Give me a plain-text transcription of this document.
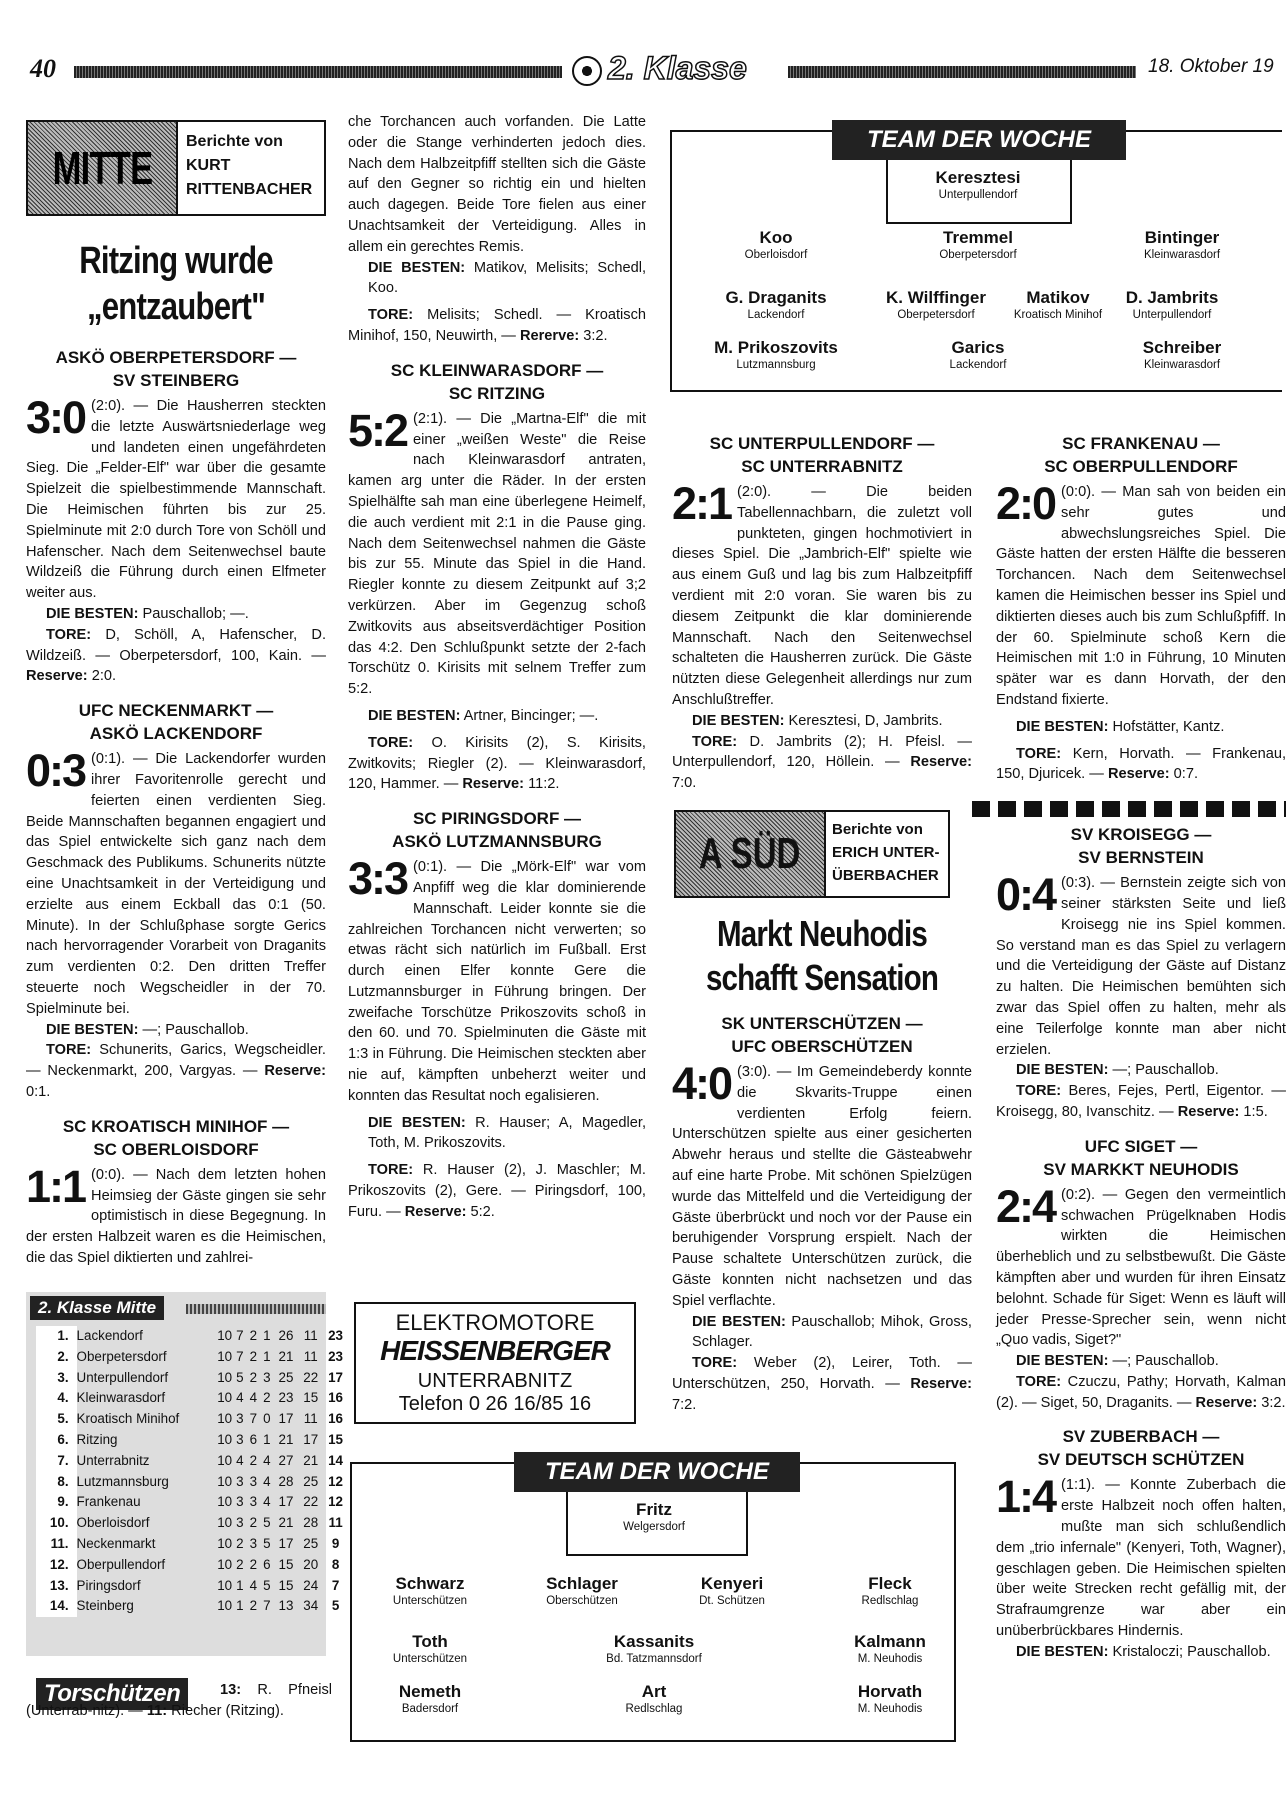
40	2. Klasse	18. Oktober 19
MITTE
Berichte von
KURT
RITTENBACHER
Ritzing wurde
„entzaubert"
ASKÖ OBERPETERSDORF —
SV STEINBERG

3:0 (2:0). — Die Hausherren steckten die letzte Auswärtsniederlage weg und landeten einen ungefährdeten Sieg. Die „Felder-Elf" war über die gesamte Spielzeit die spielbestimmende Mannschaft. Die Heimischen führten bis zur 25. Spielminute mit 2:0 durch Tore von Schöll und Hafenscher. Nach dem Seitenwechsel baute Wildzeiß die Führung durch einen Elfmeter weiter aus.

DIE BESTEN: Pauschallob; —.

TORE: D, Schöll, A, Hafenscher, D. Wildzeiß. — Oberpetersdorf, 100, Kain. — Reserve: 2:0.

UFC NECKENMARKT —
ASKÖ LACKENDORF

0:3 (0:1). — Die Lackendorfer wurden ihrer Favoritenrolle gerecht und feierten einen verdienten Sieg. Beide Mannschaften begannen engagiert und das Spiel entwickelte sich ganz nach dem Geschmack des Publikums. Schunerits nützte eine Unachtsamkeit in der Verteidigung und erzielte aus einem Eckball das 0:1 (50. Minute). In der Schlußphase sorgte Gerics nach hervorragender Vorarbeit von Draganits zum verdienten 0:2. Den dritten Treffer steuerte noch Wegscheidler in der 70. Spielminute bei.

DIE BESTEN: —; Pauschallob.

TORE: Schunerits, Garics, Wegscheidler. — Neckenmarkt, 200, Vargyas. — Reserve: 0:1.

SC KROATISCH MINIHOF —
SC OBERLOISDORF

1:1 (0:0). — Nach dem letzten hohen Heimsieg der Gäste gingen sie sehr optimistisch in diese Begegnung. In der ersten Halbzeit waren es die Heimischen, die das Spiel diktierten und zahlrei-

2. Klasse Mitte
1.	Lackendorf	10	7	2	1	26	11	23
2.	Oberpetersdorf	10	7	2	1	21	11	23
3.	Unterpullendorf	10	5	2	3	25	22	17
4.	Kleinwarasdorf	10	4	4	2	23	15	16
5.	Kroatisch Minihof	10	3	7	0	17	11	16
6.	Ritzing	10	3	6	1	21	17	15
7.	Unterrabnitz	10	4	2	4	27	21	14
8.	Lutzmannsburg	10	3	3	4	28	25	12
9.	Frankenau	10	3	3	4	17	22	12
10.	Oberloisdorf	10	3	2	5	21	28	11
11.	Neckenmarkt	10	2	3	5	17	25	9
12.	Oberpullendorf	10	2	2	6	15	20	8
13.	Piringsdorf	10	1	4	5	15	24	7
14.	Steinberg	10	1	2	7	13	34	5
Torschützen	13: R. Pfneisl (Unterrab-nitz). — 11: Riecher (Ritzing).

che Torchancen auch vorfanden. Die Latte oder die Stange verhinderten jedoch dies. Nach dem Halbzeitpfiff stellten sich die Gäste auf den Gegner so richtig ein und hielten auch dagegen. Beide Tore fielen aus einer Unachtsamkeit der Verteidigung. Alles in allem ein gerechtes Remis.

DIE BESTEN: Matikov, Melisits; Schedl, Koo.

TORE: Melisits; Schedl. — Kroatisch Minihof, 150, Neuwirth, — Rererve: 3:2.

SC KLEINWARASDORF —
SC RITZING

5:2 (2:1). — Die „Martna-Elf" die mit einer „weißen Weste" die Reise nach Kleinwarasdorf antraten, kamen arg unter die Räder. In der ersten Spielhälfte sah man eine überlegene Heimelf, die auch verdient mit 2:1 in die Pause ging. Nach dem Seitenwechsel nahmen die Gäste bis zur 55. Minute das Spiel in die Hand. Riegler konnte zu diesem Zeitpunkt auf 3;2 verkürzen. Aber im Gegenzug schoß Zwitkovits aus abseitsverdächtiger Position das 4:2. Den Schlußpunkt setzte der 2-fach Torschütz 0. Kirisits mit selnem Treffer zum 5:2.

DIE BESTEN: Artner, Bincinger; —.

TORE: O. Kirisits (2), S. Kirisits, Zwitkovits; Riegler (2). — Kleinwarasdorf, 120, Hammer. — Reserve: 11:2.

SC PIRINGSDORF —
ASKÖ LUTZMANNSBURG

3:3 (0:1). — Die „Mörk-Elf" war vom Anpfiff weg die klar dominierende Mannschaft. Leider konnte sie die zahlreichen Torchancen nicht verwerten; so etwas rächt sich natürlich im Fußball. Erst durch einen Elfer konnte Gere die Lutzmannsburger in Führung bringen. Der zweifache Torschütze Prikoszovits schoß in den 60. und 70. Spielminuten die Gäste mit 1:3 in Führung. Die Heimischen steckten aber nie auf, kämpften unbeherzt weiter und konnten das Resultat noch egalisieren.

DIE BESTEN: R. Hauser; A, Magedler, Toth, M. Prikoszovits.

TORE: R. Hauser (2), J. Maschler; M. Prikoszovits (2), Gere. — Piringsdorf, 100, Furu. — Reserve: 5:2.

ELEKTROMOTORE
HEISSENBERGER
UNTERRABNITZ
Telefon 0 26 16/85 16
TEAM DER WOCHE
Fritz
Welgersdorf
Schwarz
Unterschützen
Schlager
Oberschützen
Kenyeri
Dt. Schützen
Fleck
Redlschlag
Toth
Unterschützen
Kassanits
Bd. Tatzmannsdorf
Kalmann
M. Neuhodis
Nemeth
Badersdorf
Art
Redlschlag
Horvath
M. Neuhodis
TEAM DER WOCHE
Keresztesi
Unterpullendorf
Koo
Oberloisdorf
Tremmel
Oberpetersdorf
Bintinger
Kleinwarasdorf
G. Draganits
Lackendorf
K. Wilffinger
Oberpetersdorf
Matikov
Kroatisch Minihof
D. Jambrits
Unterpullendorf
M. Prikoszovits
Lutzmannsburg
Garics
Lackendorf
Schreiber
Kleinwarasdorf
SC UNTERPULLENDORF —
SC UNTERRABNITZ

2:1 (2:0). — Die beiden Tabellennachbarn, die zuletzt voll punkteten, gingen hochmotiviert in dieses Spiel. Die „Jambrich-Elf" spielte wie aus einem Guß und lag bis zum Halbzeitpfiff verdient mit 2:0 voran. Sie waren bis zu diesem Zeitpunkt die klar dominierende Mannschaft. Nach den Seitenwechsel schalteten die Hausherren zurück. Die Gäste nützten diese Gelegenheit allerdings nur zum Anschlußtreffer.

DIE BESTEN: Keresztesi, D, Jambrits.

TORE: D. Jambrits (2); H. Pfeisl. — Unterpullendorf, 120, Höllein. — Reserve: 7:0.

A SÜD Berichte von
ERICH UNTER-
ÜBERBACHER
Markt Neuhodis
schafft Sensation
SK UNTERSCHÜTZEN —
UFC OBERSCHÜTZEN

4:0 (3:0). — Im Gemeindeberdy konnte die Skvarits-Truppe einen verdienten Erfolg feiern. Unterschützen spielte aus einer gesicherten Abwehr heraus und stellte die Gästeabwehr auf eine harte Probe. Mit schönen Spielzügen wurde das Mittelfeld und die Verteidigung der Gäste überbrückt und noch vor der Pause ein beruhigender Vorsprung erspielt. Nach der Pause schaltete Unterschützen zurück, die Gäste konnten nicht nachsetzen und das Spiel verflachte.

DIE BESTEN: Pauschallob; Mihok, Gross, Schlager.

TORE: Weber (2), Leirer, Toth. — Unterschützen, 250, Horvath. — Reserve: 7:2.

SC FRANKENAU —
SC OBERPULLENDORF

2:0 (0:0). — Man sah von beiden ein sehr gutes und abwechslungsreiches Spiel. Die Gäste hatten der ersten Hälfte die besseren Torchancen. Nach dem Seitenwechsel kamen die Heimischen besser ins Spiel und diktierten dieses auch bis zum Schlußpfiff. In der 60. Spielminute schoß Kern die Heimischen mit 1:0 in Führung, 10 Minuten später war es dann Horvath, der den Endstand fixierte.

DIE BESTEN: Hofstätter, Kantz.

TORE: Kern, Horvath. — Frankenau, 150, Djuricek. — Reserve: 0:7.

SV KROISEGG —
SV BERNSTEIN

0:4 (0:3). — Bernstein zeigte sich von seiner stärksten Seite und ließ Kroisegg nie ins Spiel kommen. So verstand man es das Spiel zu verlagern und die Verteidigung der Gäste auf Distanz zu halten. Die Heimischen bemühten sich zwar das Spiel offen zu halten, mehr als eine Teilerfolge konnte man aber nicht erzielen.

DIE BESTEN: —; Pauschallob.

TORE: Beres, Fejes, Pertl, Eigentor. — Kroisegg, 80, Ivanschitz. — Reserve: 1:5.

UFC SIGET —
SV MARKKT NEUHODIS

2:4 (0:2). — Gegen den vermeintlich schwachen Prügelknaben Hodis wirkten die Heimischen überheblich und zu selbstbewußt. Die Gäste kämpften aber und wurden für ihren Einsatz belohnt. Schade für Siget: Wenn es läuft will jeder Presse-Sprecher sein, wenn nicht „Quo vadis, Siget?"

DIE BESTEN: —; Pauschallob.

TORE: Czuczu, Pathy; Horvath, Kalman (2). — Siget, 50, Draganits. — Reserve: 3:2.

SV ZUBERBACH —
SV DEUTSCH SCHÜTZEN

1:4 (1:1). — Konnte Zuberbach die erste Halbzeit noch offen halten, mußte man sich schlußendlich dem „trio infernale" (Kenyeri, Toth, Wagner), geschlagen geben. Die Heimischen spielten über weite Strecken recht gefällig mit, der Strafraumgrenze war aber ein unüberbrückbares Hindernis.

DIE BESTEN: Kristaloczi; Pauschallob.
